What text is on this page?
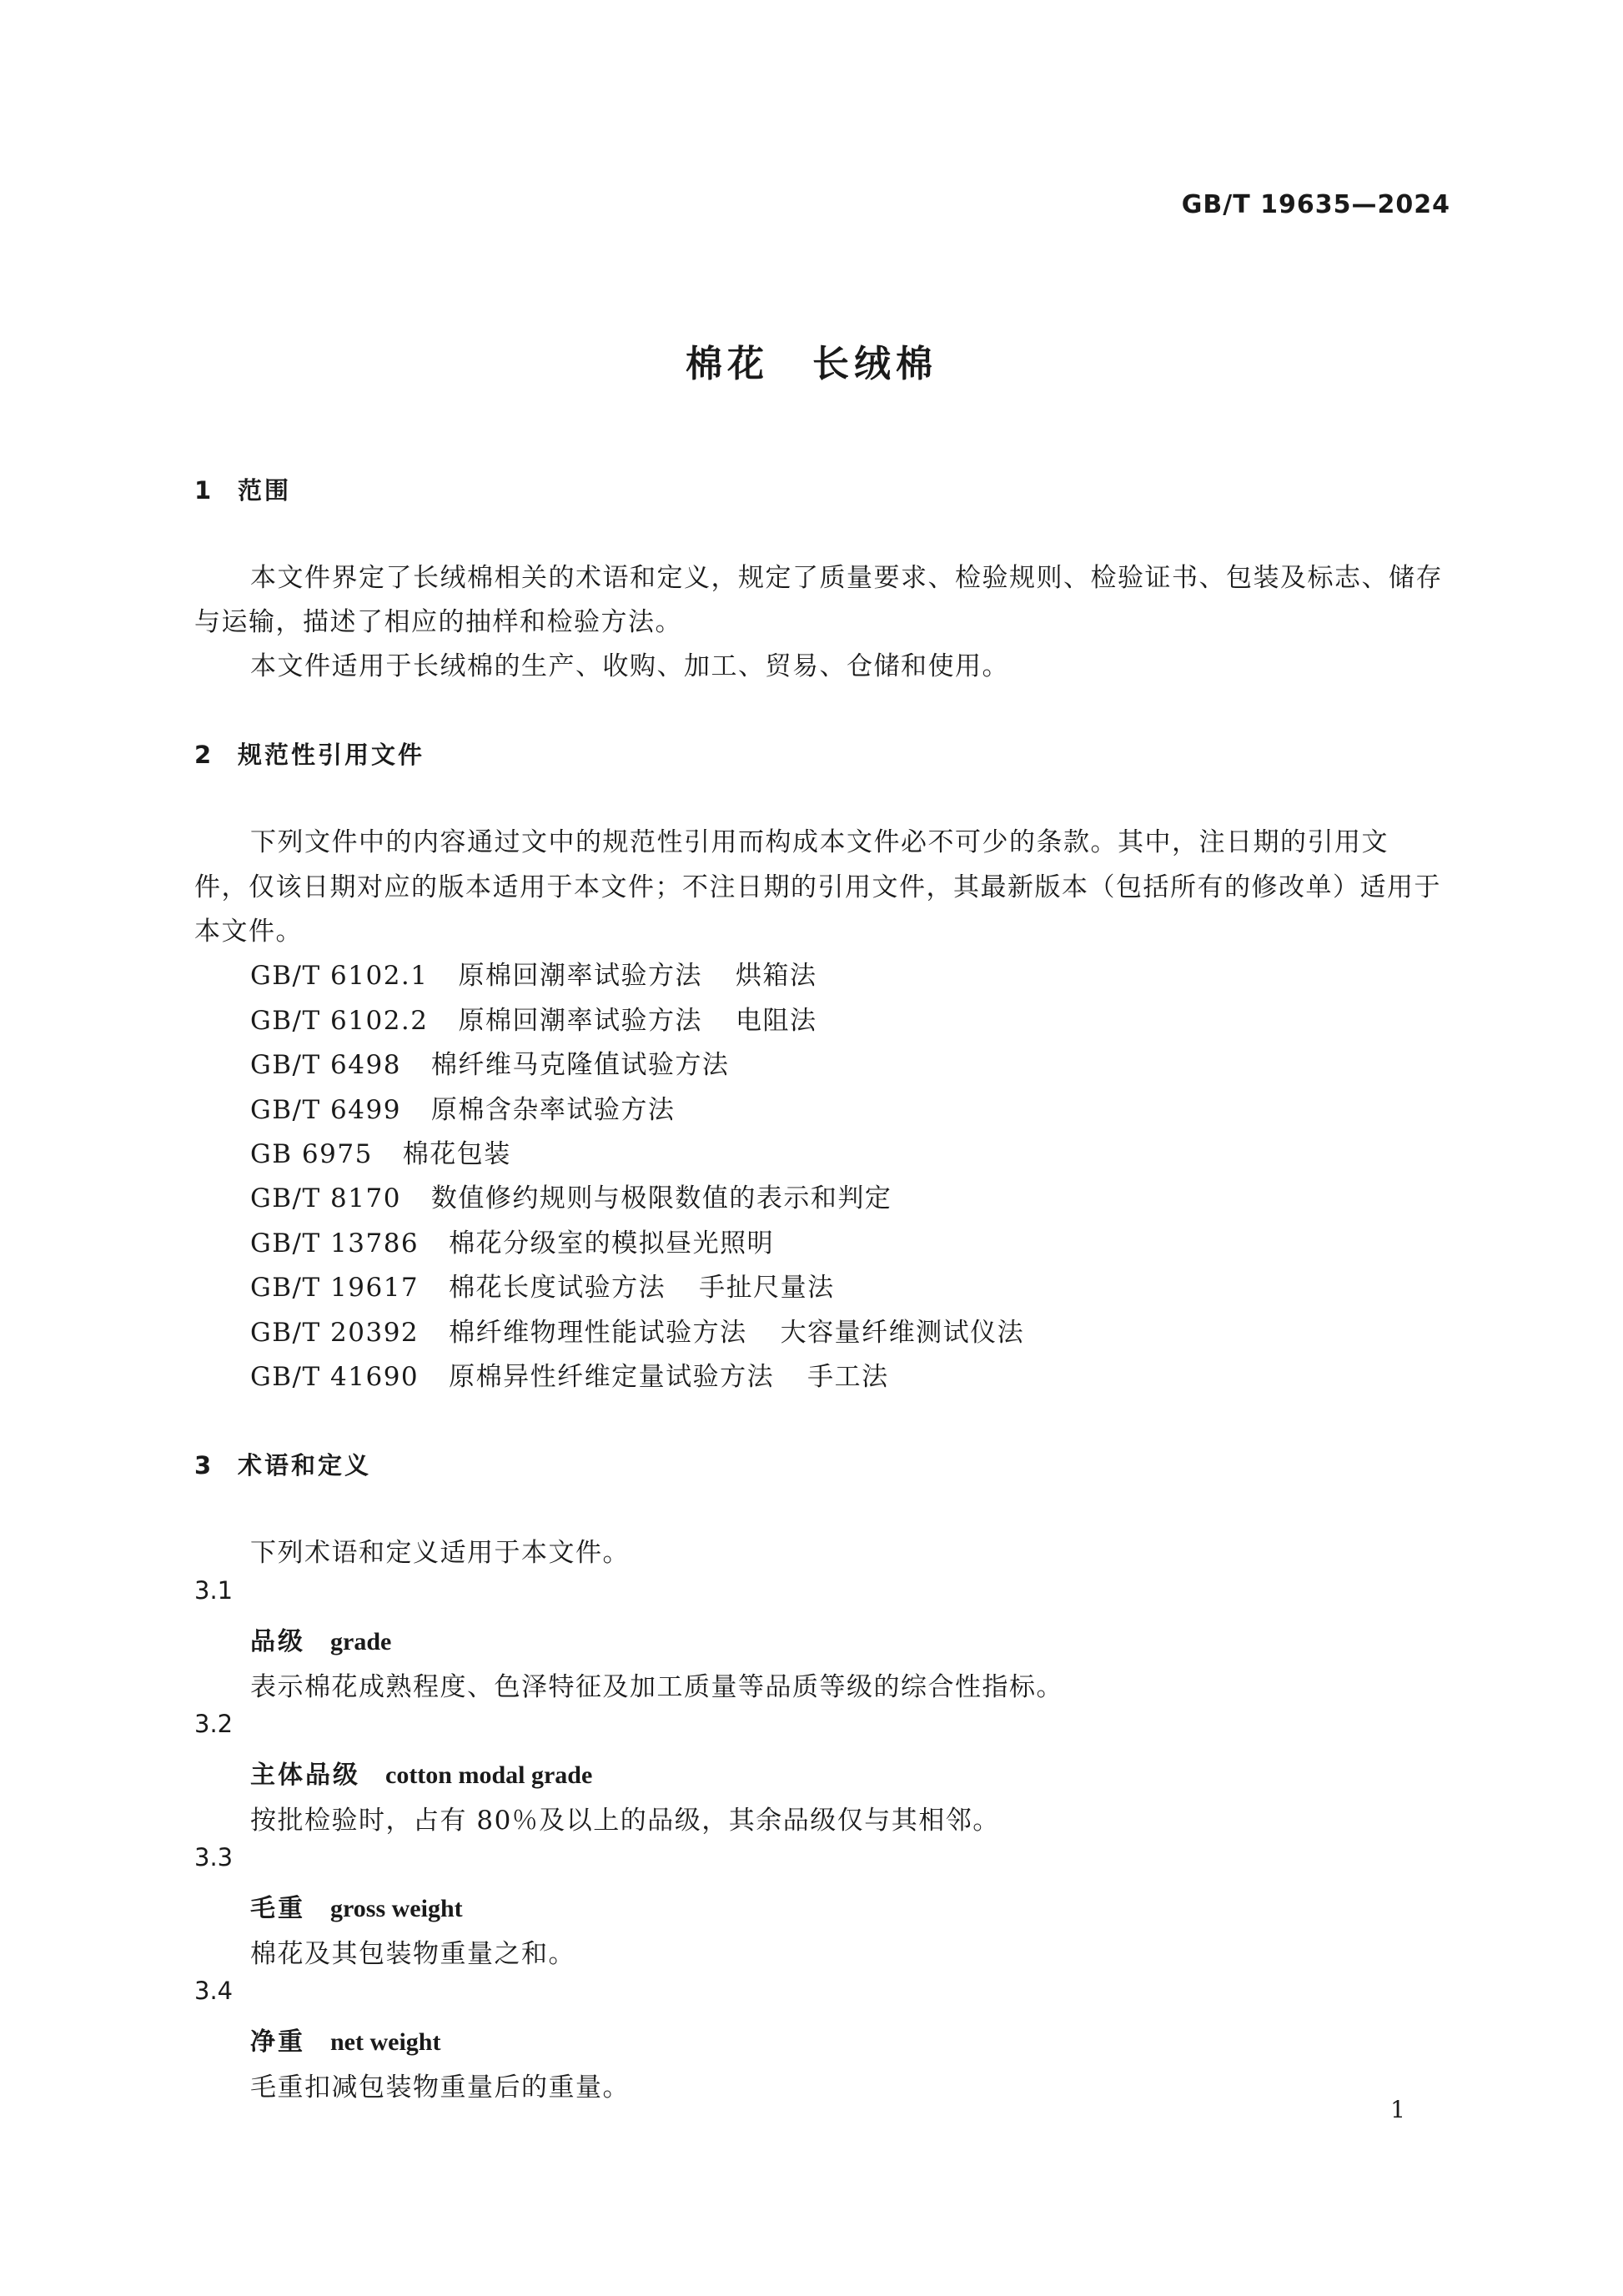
GB/T 19635—2024
棉花 长绒棉
1 范围
本文件界定了长绒棉相关的术语和定义，规定了质量要求、检验规则、检验证书、包装及标志、储存
与运输，描述了相应的抽样和检验方法。
本文件适用于长绒棉的生产、收购、加工、贸易、仓储和使用。
2 规范性引用文件
下列文件中的内容通过文中的规范性引用而构成本文件必不可少的条款。其中，注日期的引用文
件，仅该日期对应的版本适用于本文件；不注日期的引用文件，其最新版本（包括所有的修改单）适用于
本文件。
GB/T 6102.1 原棉回潮率试验方法 烘箱法
GB/T 6102.2 原棉回潮率试验方法 电阻法
GB/T 6498 棉纤维马克隆值试验方法
GB/T 6499 原棉含杂率试验方法
GB 6975 棉花包装
GB/T 8170 数值修约规则与极限数值的表示和判定
GB/T 13786 棉花分级室的模拟昼光照明
GB/T 19617 棉花长度试验方法 手扯尺量法
GB/T 20392 棉纤维物理性能试验方法 大容量纤维测试仪法
GB/T 41690 原棉异性纤维定量试验方法 手工法
3 术语和定义
下列术语和定义适用于本文件。
3.1
品级 grade
表示棉花成熟程度、色泽特征及加工质量等品质等级的综合性指标。
3.2
主体品级 cotton modal grade
按批检验时，占有 80％及以上的品级，其余品级仅与其相邻。
3.3
毛重 gross weight
棉花及其包装物重量之和。
3.4
净重 net weight
毛重扣减包装物重量后的重量。
1
